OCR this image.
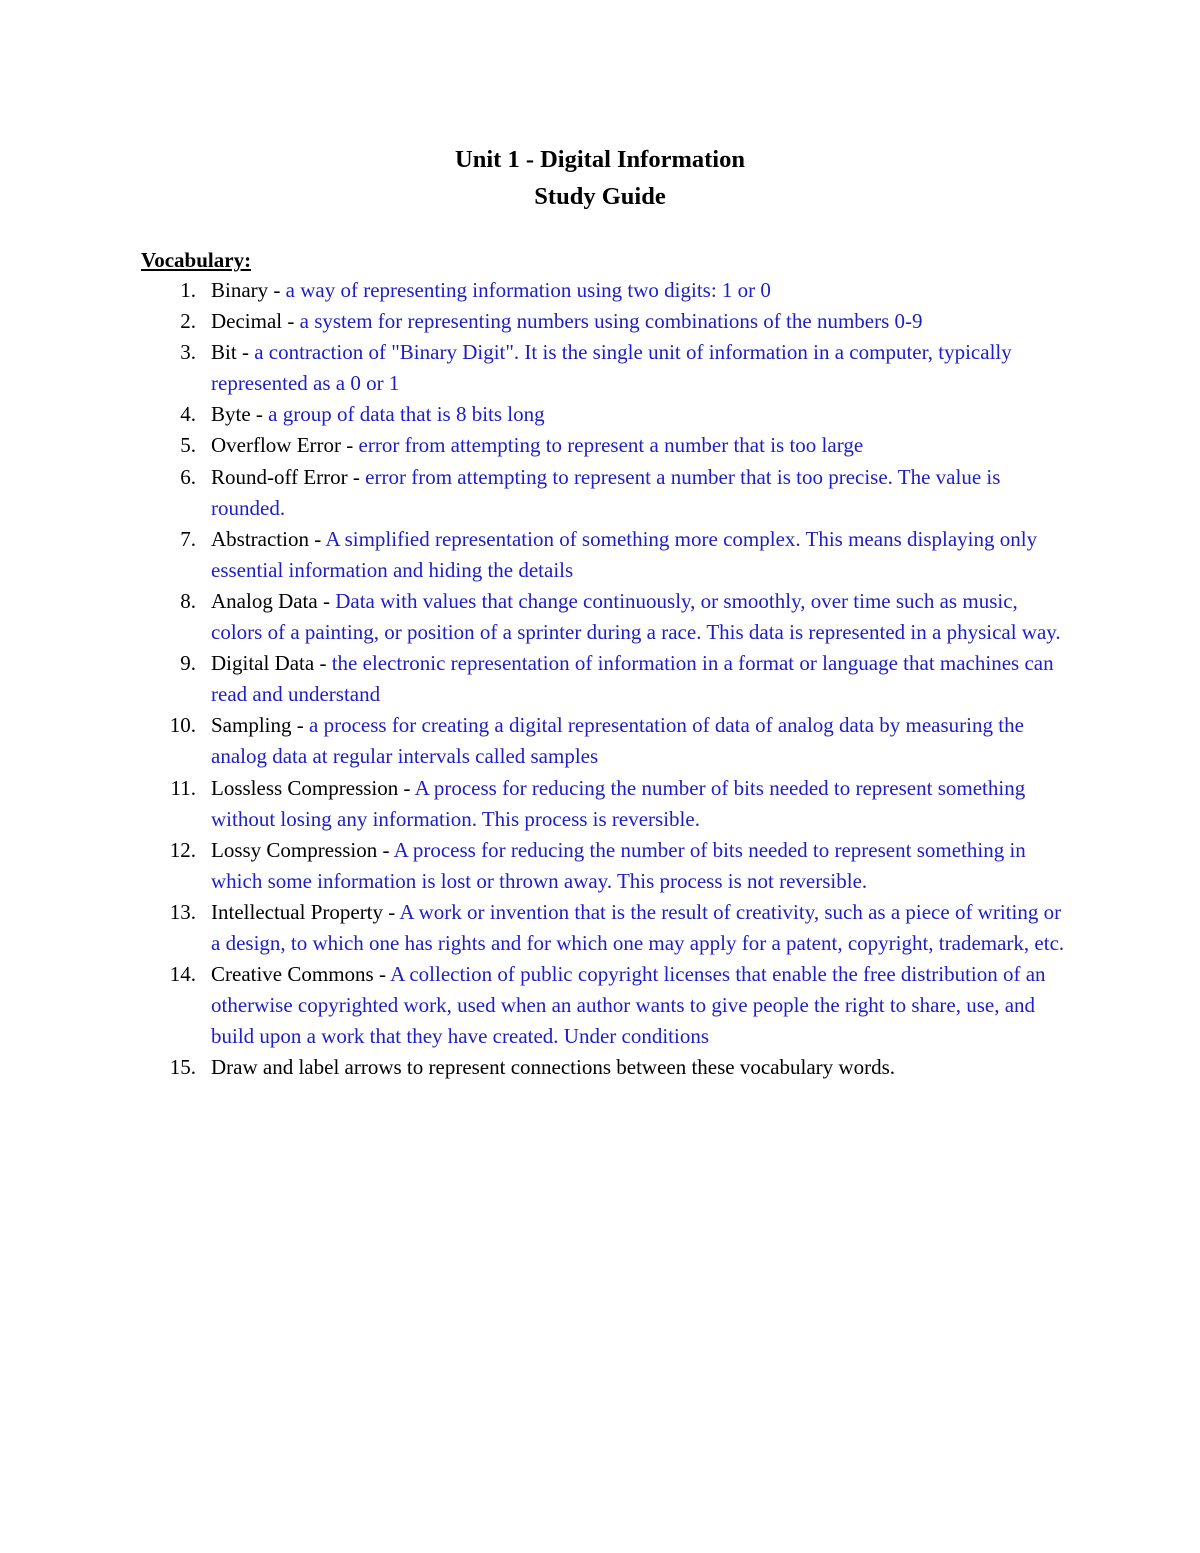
Unit 1 - Digital Information
Study Guide
Vocabulary:
1. Binary - a way of representing information using two digits: 1 or 0
2. Decimal - a system for representing numbers using combinations of the numbers 0-9
3. Bit - a contraction of "Binary Digit". It is the single unit of information in a computer, typically represented as a 0 or 1
4. Byte - a group of data that is 8 bits long
5. Overflow Error - error from attempting to represent a number that is too large
6. Round-off Error - error from attempting to represent a number that is too precise. The value is rounded.
7. Abstraction - A simplified representation of something more complex. This means displaying only essential information and hiding the details
8. Analog Data - Data with values that change continuously, or smoothly, over time such as music, colors of a painting, or position of a sprinter during a race. This data is represented in a physical way.
9. Digital Data - the electronic representation of information in a format or language that machines can read and understand
10. Sampling - a process for creating a digital representation of data of analog data by measuring the analog data at regular intervals called samples
11. Lossless Compression - A process for reducing the number of bits needed to represent something without losing any information. This process is reversible.
12. Lossy Compression - A process for reducing the number of bits needed to represent something in which some information is lost or thrown away. This process is not reversible.
13. Intellectual Property - A work or invention that is the result of creativity, such as a piece of writing or a design, to which one has rights and for which one may apply for a patent, copyright, trademark, etc.
14. Creative Commons - A collection of public copyright licenses that enable the free distribution of an otherwise copyrighted work, used when an author wants to give people the right to share, use, and build upon a work that they have created. Under conditions
15. Draw and label arrows to represent connections between these vocabulary words.
